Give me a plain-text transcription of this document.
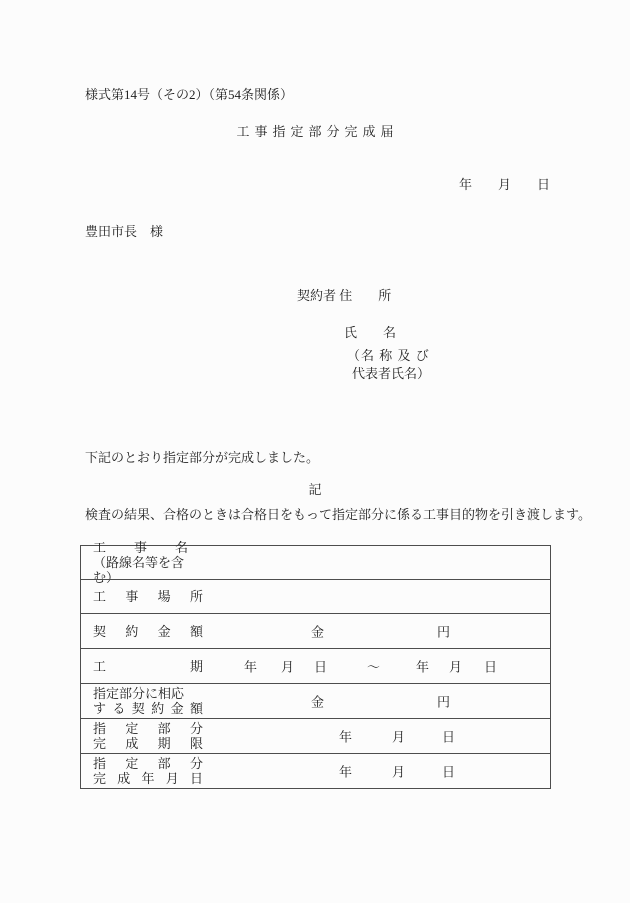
様式第14号（その2）（第54条関係）
工事指定部分完成届
年　　月　　日
豊田市長　様
契約者 住　　所
氏　　名
（名 称 及 び
代表者氏名）

下記のとおり指定部分が完成しました。

検査の結果、合格のときは合格日をもって指定部分に係る工事目的物を引き渡します。

記
工事名
（路線名等を含む）
工事場所
契約金額	金	円
工期	年 月 日	～	年 月 日
指定部分に相応
する契約金額	金	円
指定部分
完成期限	年	月	日
指定部分
完成年月日	年	月	日
